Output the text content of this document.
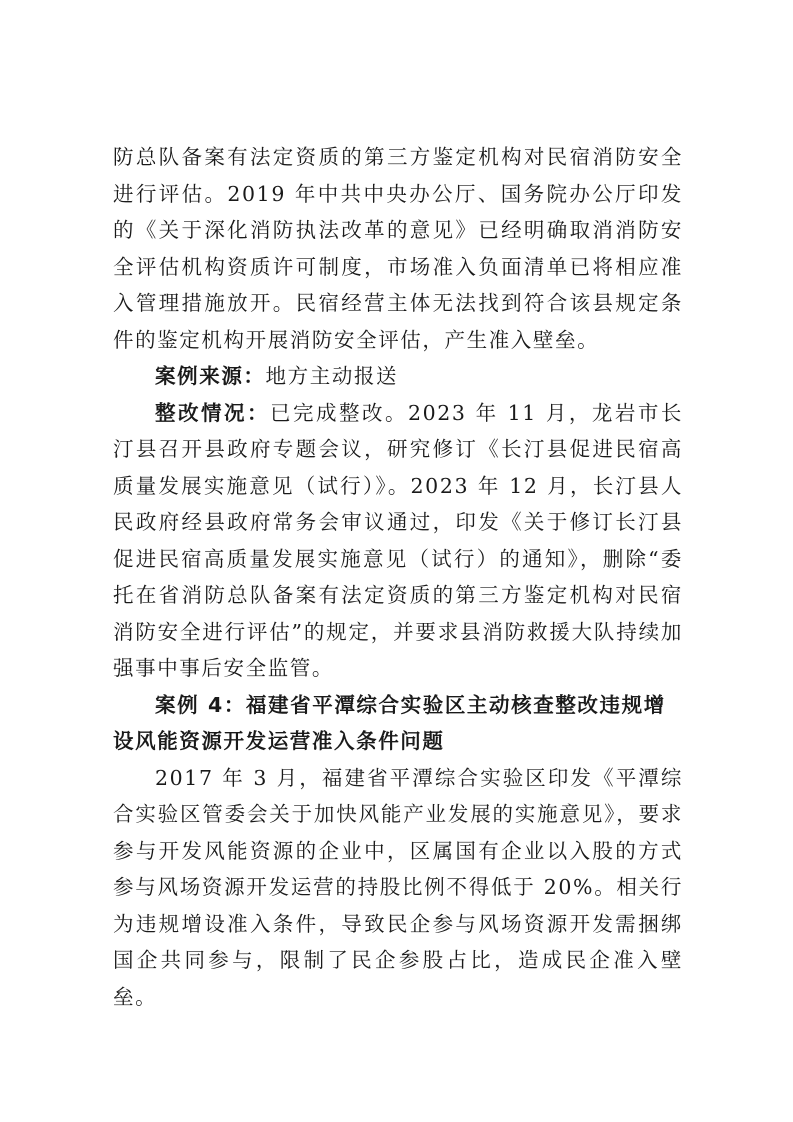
防总队备案有法定资质的第三方鉴定机构对民宿消防安全进行评估。2019 年中共中央办公厅、国务院办公厅印发的《关于深化消防执法改革的意见》已经明确取消消防安全评估机构资质许可制度，市场准入负面清单已将相应准入管理措施放开。民宿经营主体无法找到符合该县规定条件的鉴定机构开展消防安全评估，产生准入壁垒。

案例来源：地方主动报送

整改情况：已完成整改。2023 年 11 月，龙岩市长汀县召开县政府专题会议，研究修订《长汀县促进民宿高质量发展实施意见（试行）》。2023 年 12 月，长汀县人民政府经县政府常务会审议通过，印发《关于修订长汀县促进民宿高质量发展实施意见（试行）的通知》，删除“委托在省消防总队备案有法定资质的第三方鉴定机构对民宿消防安全进行评估”的规定，并要求县消防救援大队持续加强事中事后安全监管。

案例 4：福建省平潭综合实验区主动核查整改违规增设风能资源开发运营准入条件问题

2017 年 3 月，福建省平潭综合实验区印发《平潭综合实验区管委会关于加快风能产业发展的实施意见》，要求参与开发风能资源的企业中，区属国有企业以入股的方式参与风场资源开发运营的持股比例不得低于 20%。相关行为违规增设准入条件，导致民企参与风场资源开发需捆绑国企共同参与，限制了民企参股占比，造成民企准入壁垒。
